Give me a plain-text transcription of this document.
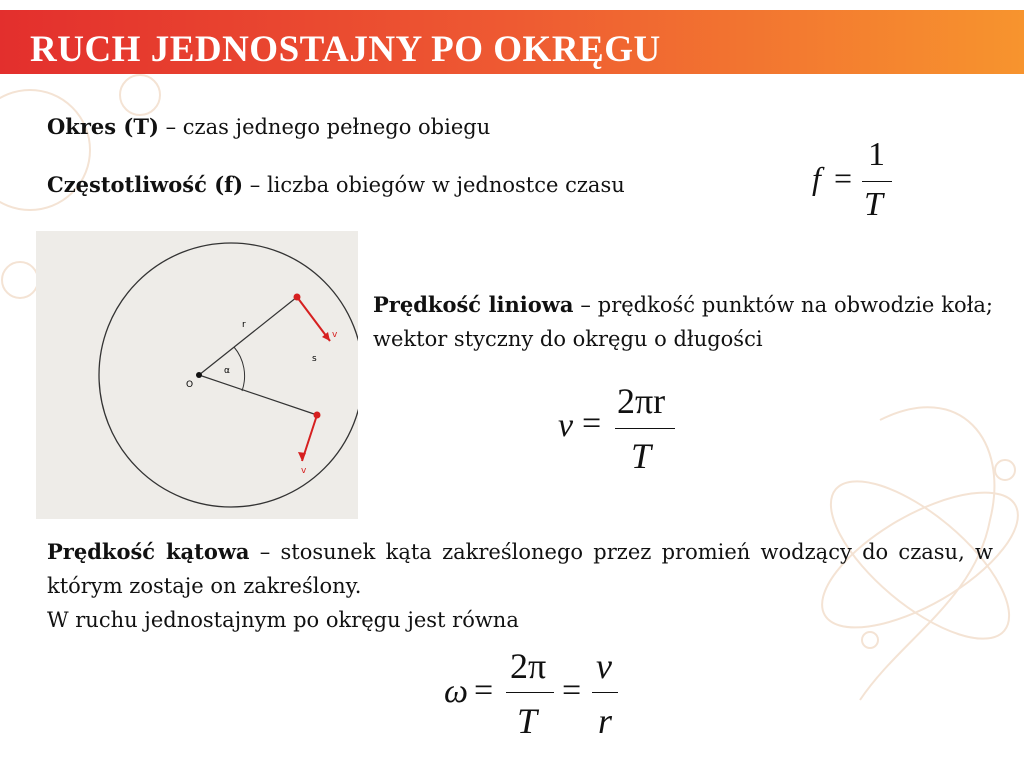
RUCH JEDNOSTAJNY PO OKRĘGU
Okres (T) – czas jednego pełnego obiegu
Częstotliwość (f) – liczba obiegów w jednostce czasu	f =
1
T
O
r
α
s
v
v
Prędkość liniowa – prędkość punktów na obwodzie koła; wektor styczny do okręgu o długości
v =
2πr
T
Prędkość kątowa – stosunek kąta zakreślonego przez promień wodzący do czasu, w którym zostaje on zakreślony.
W ruchu jednostajnym po okręgu jest równa
ω =
2π
T
=
v
r
